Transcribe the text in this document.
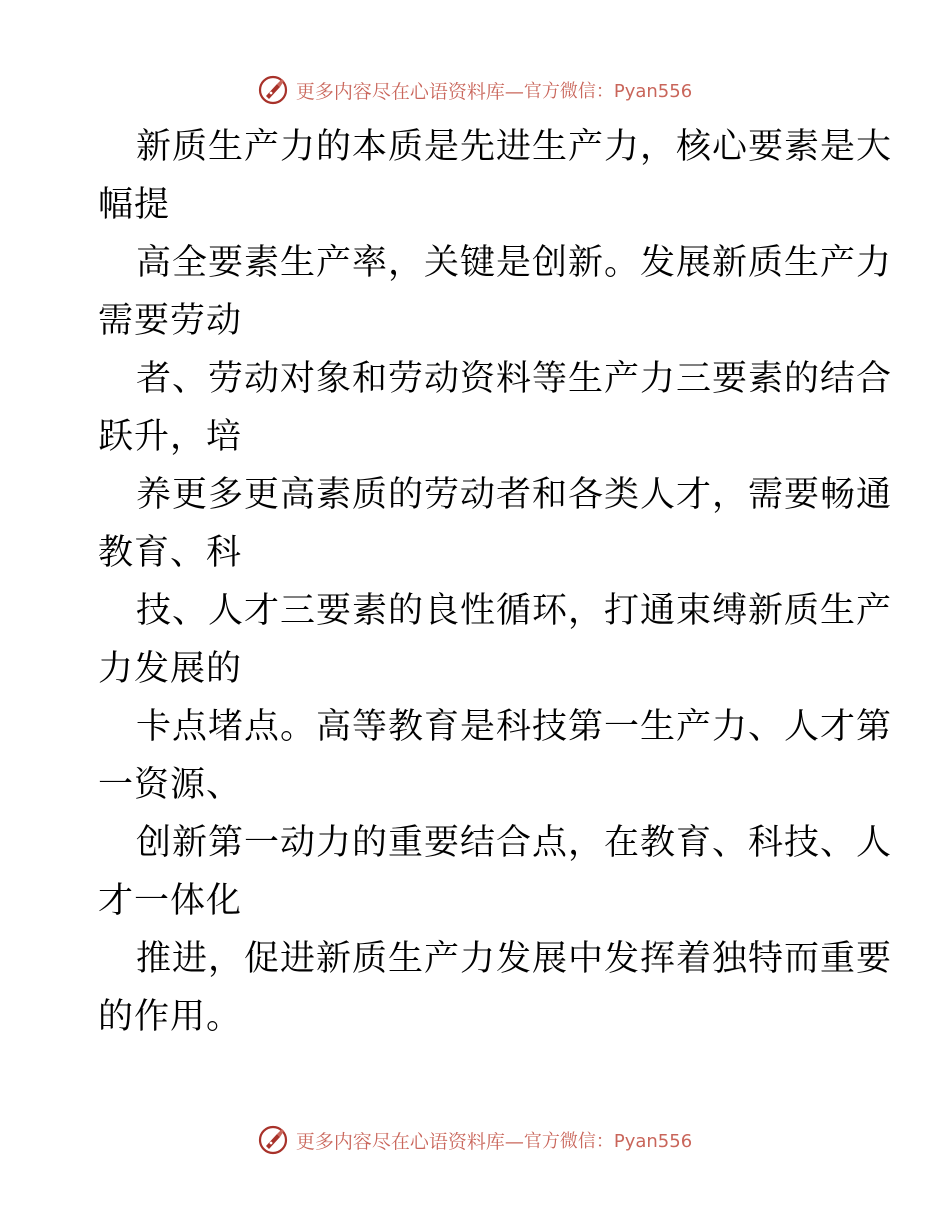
更多内容尽在心语资料库— 官方微信：Pyan556
新质生产力的本质是先进生产力，核心要素是大
幅提
高全要素生产率，关键是创新。发展新质生产力
需要劳动
者、劳动对象和劳动资料等生产力三要素的结合
跃升，培
养更多更高素质的劳动者和各类人才，需要畅通
教育、科
技、人才三要素的良性循环，打通束缚新质生产
力发展的
卡点堵点。高等教育是科技第一生产力、人才第
一资源、
创新第一动力的重要结合点，在教育、科技、人
才一体化
推进，促进新质生产力发展中发挥着独特而重要
的作用。
更多内容尽在心语资料库— 官方微信：Pyan556
